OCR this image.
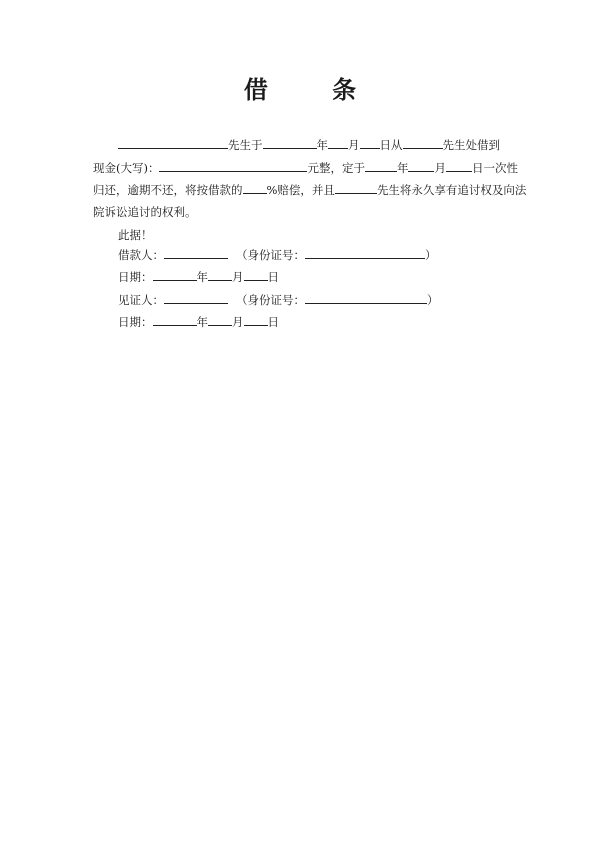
借 条
先生于	年 月 日从	先生处借到
现金(大写)：	元整，定于	年 月 日一次性
归还，逾期不还，将按借款的 %赔偿，并且	先生将永久享有追讨权及向法
院诉讼追讨的权利。
此据！
借款人：	（身份证号：	）
日期：	年 月 日
见证人：	（身份证号：	）
日期：	年 月 日
